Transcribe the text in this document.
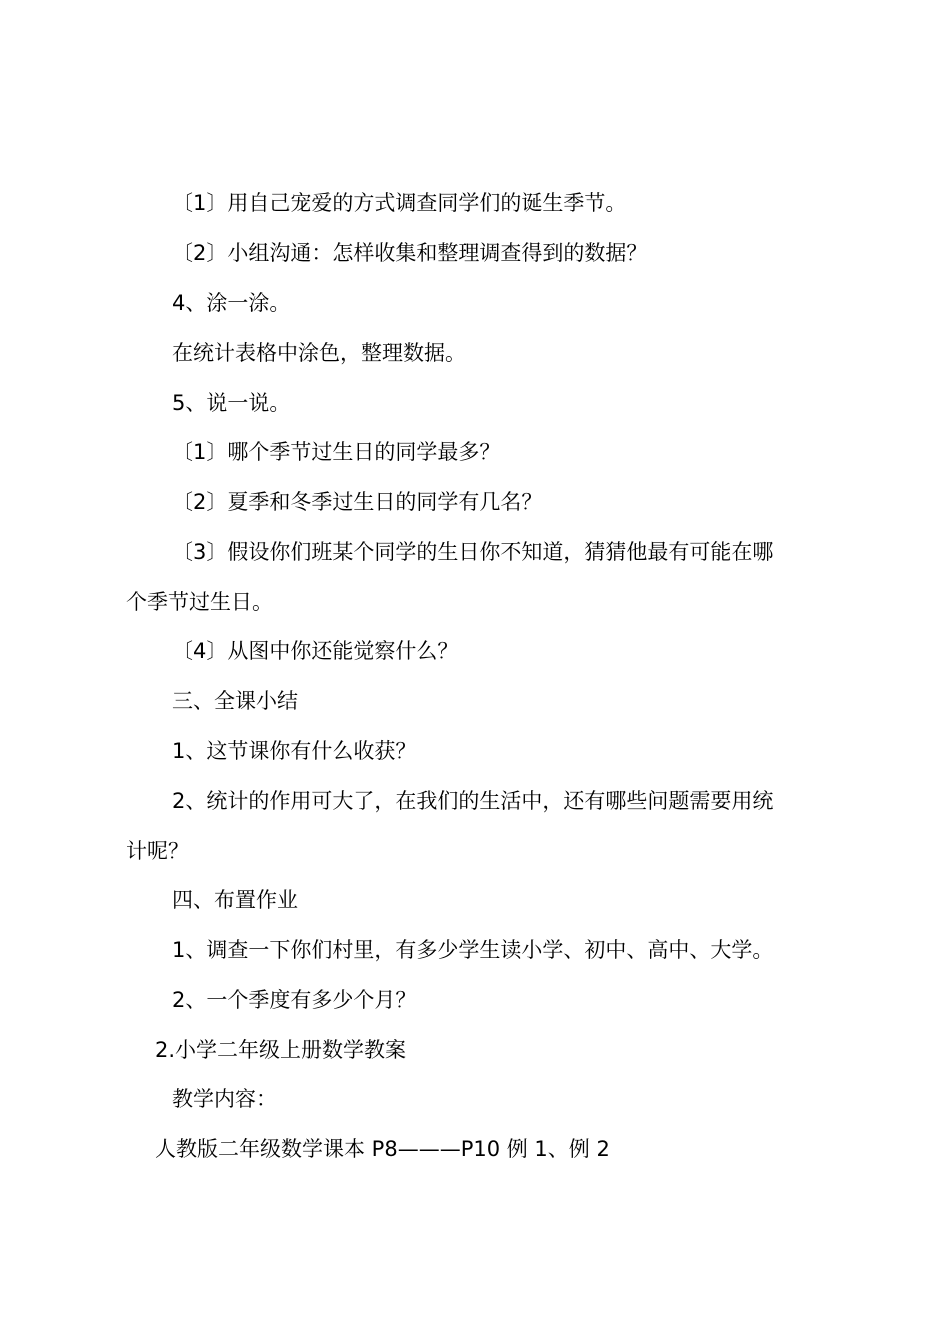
〔1〕用自己宠爱的方式调查同学们的诞生季节。
〔2〕小组沟通：怎样收集和整理调查得到的数据？
4、涂一涂。
在统计表格中涂色，整理数据。
5、说一说。
〔1〕哪个季节过生日的同学最多？
〔2〕夏季和冬季过生日的同学有几名？
〔3〕假设你们班某个同学的生日你不知道，猜猜他最有可能在哪
个季节过生日。
〔4〕从图中你还能觉察什么？
三、全课小结
1、这节课你有什么收获？
2、统计的作用可大了，在我们的生活中，还有哪些问题需要用统
计呢？
四、布置作业
1、调查一下你们村里，有多少学生读小学、初中、高中、大学。
2、一个季度有多少个月？
2.小学二年级上册数学教案
教学内容：
人教版二年级数学课本 P8———P10 例 1、例 2
